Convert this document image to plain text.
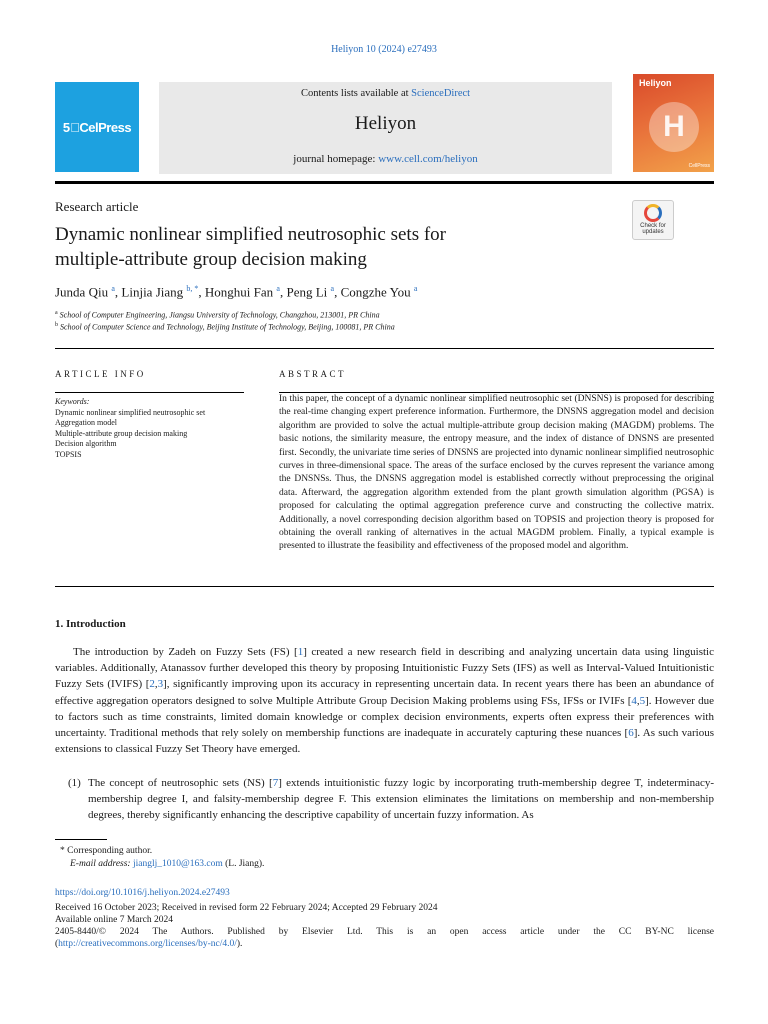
Heliyon 10 (2024) e27493
5⃝CelPress
Contents lists available at ScienceDirect
Heliyon
journal homepage: www.cell.com/heliyon
Heliyon
H
CellPress
Research article
Check for
updates
Dynamic nonlinear simplified neutrosophic sets for
multiple-attribute group decision making
Junda Qiu $^a$, Linjia Jiang $^{b, *}$, Honghui Fan $^a$, Peng Li $^a$, Congzhe You $^a$
$^a$ School of Computer Engineering, Jiangsu University of Technology, Changzhou, 213001, PR China
$^b$ School of Computer Science and Technology, Beijing Institute of Technology, Beijing, 100081, PR China
ARTICLE INFO	ABSTRACT
Keywords:
Dynamic nonlinear simplified neutrosophic set
Aggregation model
Multiple-attribute group decision making
Decision algorithm
TOPSIS
In this paper, the concept of a dynamic nonlinear simplified neutrosophic set (DNSNS) is proposed for describing the real-time changing expert preference information. Furthermore, the DNSNS aggregation model and decision algorithm are provided to solve the actual multiple-attribute group decision making (MAGDM) problems. The basic notions, the similarity measure, the entropy measure, and the index of distance of DNSNS are presented first. Secondly, the univariate time series of DNSNS are projected into dynamic nonlinear simplified neutrosophic curves in three-dimensional space. The areas of the surface enclosed by the curves represent the variance among the DNSNSs. Thus, the DNSNS aggregation model is established correctly without preprocessing the original data. Afterward, the aggregation algorithm extended from the plant growth simulation algorithm (PGSA) is proposed for calculating the optimal aggregation preference curve and constructing the collective matrix. Additionally, a novel corresponding decision algorithm based on TOPSIS and projection theory is proposed for obtaining the overall ranking of alternatives in the actual MAGDM problem. Finally, a typical example is presented to illustrate the feasibility and effectiveness of the proposed model and algorithm.
1. Introduction
The introduction by Zadeh on Fuzzy Sets (FS) [1] created a new research field in describing and analyzing uncertain data using linguistic variables. Additionally, Atanassov further developed this theory by proposing Intuitionistic Fuzzy Sets (IFS) as well as Interval-Valued Intuitionistic Fuzzy Sets (IVIFS) [2,3], significantly improving upon its accuracy in representing uncertain data. In recent years there has been an abundance of effective aggregation operators designed to solve Multiple Attribute Group Decision Making problems using FSs, IFSs or IVIFs [4,5]. However due to factors such as time constraints, limited domain knowledge or complex decision environments, experts often express their preferences with uncertainty. Traditional methods that rely solely on membership functions are inadequate in accurately capturing these nuances [6]. As such various extensions to classical Fuzzy Set Theory have emerged.
(1) The concept of neutrosophic sets (NS) [7] extends intuitionistic fuzzy logic by incorporating truth-membership degree T, indeterminacy-membership degree I, and falsity-membership degree F. This extension eliminates the limitations on membership and non-membership degrees, thereby significantly enhancing the descriptive capability of uncertain fuzzy information. As
* Corresponding author.
E-mail address: jianglj_1010@163.com (L. Jiang).
https://doi.org/10.1016/j.heliyon.2024.e27493
Received 16 October 2023; Received in revised form 22 February 2024; Accepted 29 February 2024
Available online 7 March 2024
2405-8440/© 2024 The Authors. Published by Elsevier Ltd. This is an open access article under the CC BY-NC license
(http://creativecommons.org/licenses/by-nc/4.0/).
